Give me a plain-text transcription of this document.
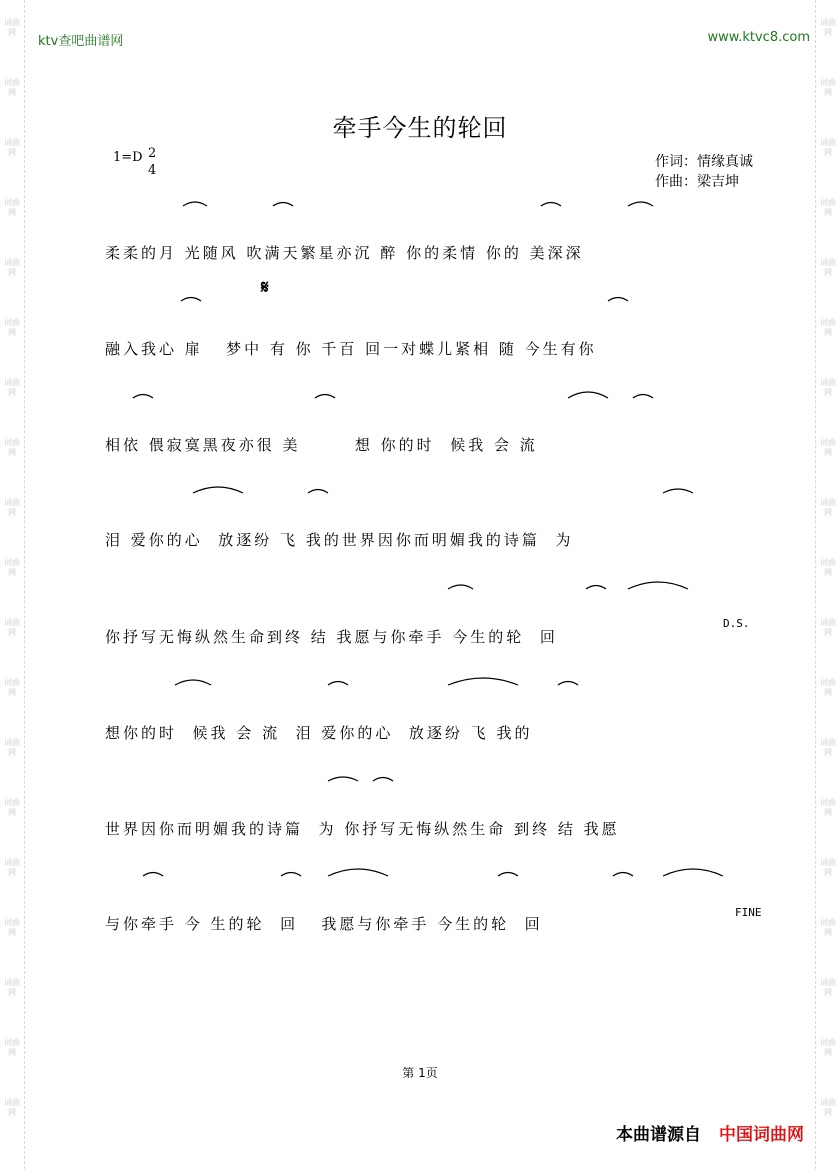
词曲网
词曲网
词曲网
词曲网
词曲网
词曲网
词曲网
词曲网
词曲网
词曲网
词曲网
词曲网
词曲网
词曲网
词曲网
词曲网
词曲网
词曲网
词曲网
词曲网
词曲网
词曲网
词曲网
词曲网
词曲网
词曲网
词曲网
词曲网
词曲网
词曲网
词曲网
词曲网
词曲网
词曲网
词曲网
词曲网
词曲网
词曲网
ktv查吧曲谱网	www.ktvc8.com
牵手今生的轮回
1=D 2
4
作词：情缘真诚
作曲：梁吉坤

柔柔的月 光随风 吹满天繁星亦沉 醉 你的柔情 你的 美深深
𝄋

融入我心 扉   梦中 有 你 千百 回一对蝶儿紧相 随 今生有你

相依 偎寂寞黑夜亦很 美       想 你的时  候我 会 流

泪 爱你的心  放逐纷 飞 我的世界因你而明媚我的诗篇  为

你抒写无悔纵然生命到终 结 我愿与你牵手 今生的轮  回
D.S.

想你的时  候我 会 流  泪 爱你的心  放逐纷 飞 我的

世界因你而明媚我的诗篇  为 你抒写无悔纵然生命 到终 结 我愿

与你牵手 今 生的轮  回   我愿与你牵手 今生的轮  回
FINE
第 1页
本曲谱源自 中国词曲网
